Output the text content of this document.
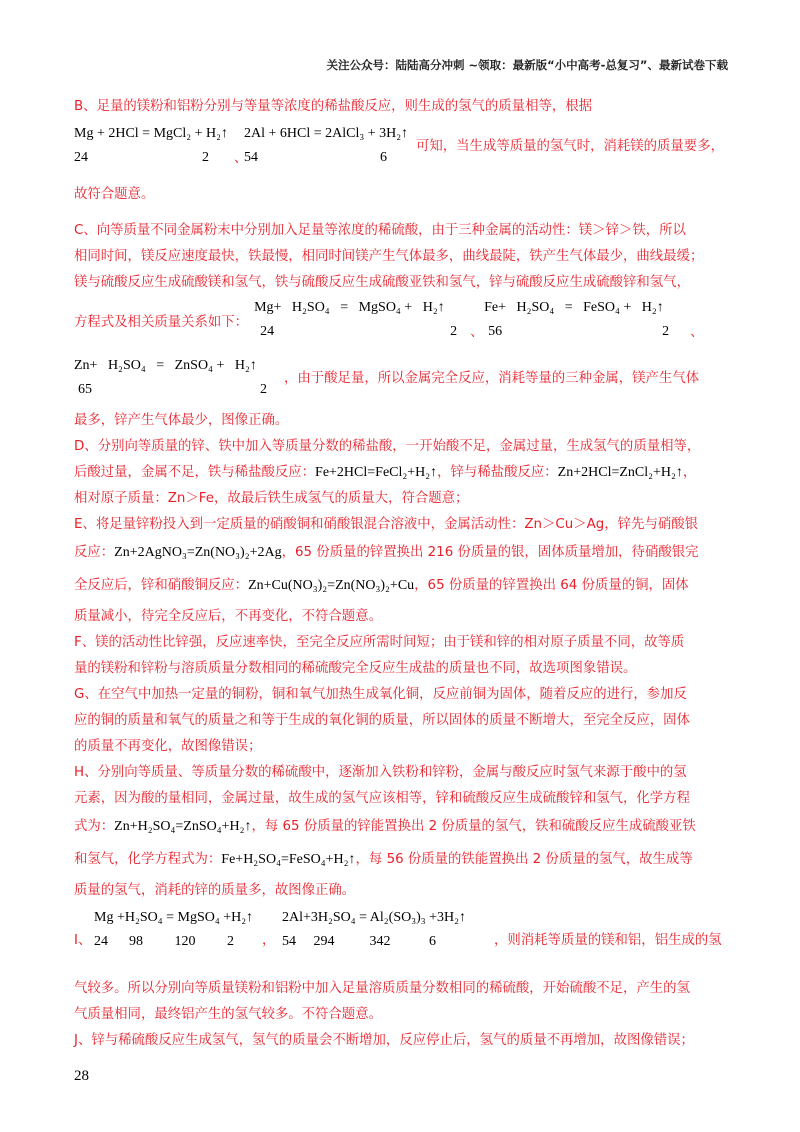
关注公众号：陆陆高分冲刺 ~领取：最新版“小中高考-总复习”、最新试卷下载

B、足量的镁粉和铝粉分别与等量等浓度的稀盐酸反应，则生成的氢气的质量相等，根据

Mg + 2HCl = MgCl₂ + H₂↑
24	2 、
2Al + 6HCl = 2AlCl₃ + 3H₂↑
54	6
可知，当生成等质量的氢气时，消耗镁的质量要多，

故符合题意。

C、向等质量不同金属粉末中分别加入足量等浓度的稀硫酸，由于三种金属的活动性：镁＞锌＞铁，所以

相同时间，镁反应速度最快，铁最慢，相同时间镁产生气体最多，曲线最陡，铁产生气体最少，曲线最缓；

镁与硫酸反应生成硫酸镁和氢气，铁与硫酸反应生成硫酸亚铁和氢气，锌与硫酸反应生成硫酸锌和氢气，

方程式及相关质量关系如下：
Mg+   H₂SO₄   =   MgSO₄ +   H₂↑
24	2 、
Fe+   H₂SO₄   =   FeSO₄ +   H₂↑
56	2 、
Zn+   H₂SO₄   =   ZnSO₄ +   H₂↑
65	2
，由于酸足量，所以金属完全反应，消耗等量的三种金属，镁产生气体

最多，锌产生气体最少，图像正确。

D、分别向等质量的锌、铁中加入等质量分数的稀盐酸，一开始酸不足，金属过量，生成氢气的质量相等，

后酸过量，金属不足，铁与稀盐酸反应：Fe+2HCl=FeCl₂+H₂↑，锌与稀盐酸反应：Zn+2HCl=ZnCl₂+H₂↑，

相对原子质量：Zn＞Fe，故最后铁生成氢气的质量大，符合题意；

E、将足量锌粉投入到一定质量的硝酸铜和硝酸银混合溶液中，金属活动性：Zn＞Cu＞Ag，锌先与硝酸银

反应：Zn+2AgNO₃=Zn(NO₃)₂+2Ag，65 份质量的锌置换出 216 份质量的银，固体质量增加，待硝酸银完

全反应后，锌和硝酸铜反应：Zn+Cu(NO₃)₂=Zn(NO₃)₂+Cu，65 份质量的锌置换出 64 份质量的铜，固体

质量减小，待完全反应后，不再变化，不符合题意。

F、镁的活动性比锌强，反应速率快，至完全反应所需时间短；由于镁和锌的相对原子质量不同，故等质

量的镁粉和锌粉与溶质质量分数相同的稀硫酸完全反应生成盐的质量也不同，故选项图象错误。

G、在空气中加热一定量的铜粉，铜和氧气加热生成氧化铜，反应前铜为固体，随着反应的进行，参加反

应的铜的质量和氧气的质量之和等于生成的氧化铜的质量，所以固体的质量不断增大，至完全反应，固体

的质量不再变化，故图像错误；

H、分别向等质量、等质量分数的稀硫酸中，逐渐加入铁粉和锌粉，金属与酸反应时氢气来源于酸中的氢

元素，因为酸的量相同，金属过量，故生成的氢气应该相等，锌和硫酸反应生成硫酸锌和氢气，化学方程

式为：Zn+H₂SO₄=ZnSO₄+H₂↑，每 65 份质量的锌能置换出 2 份质量的氢气，铁和硫酸反应生成硫酸亚铁

和氢气，化学方程式为：Fe+H₂SO₄=FeSO₄+H₂↑，每 56 份质量的铁能置换出 2 份质量的氢气，故生成等

质量的氢气，消耗的锌的质量多，故图像正确。

I、
Mg +H₂SO₄ = MgSO₄ +H₂↑
24      98         120         2	，
2Al+3H₂SO₄ = Al₂(SO₃)₃ +3H₂↑
54     294          342           6	，则消耗等质量的镁和铝，铝生成的氢

气较多。所以分别向等质量镁粉和铝粉中加入足量溶质质量分数相同的稀硫酸，开始硫酸不足，产生的氢

气质量相同，最终铝产生的氢气较多。不符合题意。

J、锌与稀硫酸反应生成氢气，氢气的质量会不断增加，反应停止后，氢气的质量不再增加，故图像错误；

28
